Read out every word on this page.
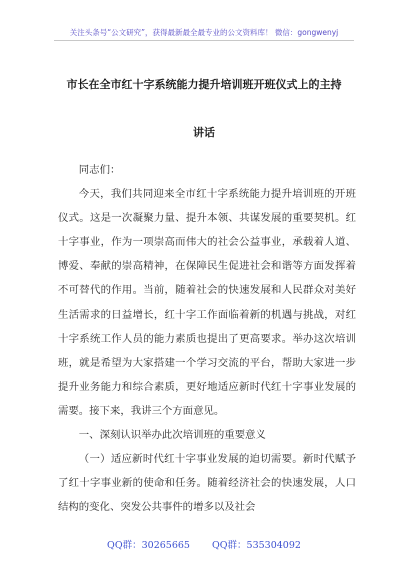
关注头条号“公文研究”，获得最新最全最专业的公文资料库！ 微信：gongwenyj
市长在全市红十字系统能力提升培训班开班仪式上的主持
讲话

同志们：

今天，我们共同迎来全市红十字系统能力提升培训班的开班仪式。这是一次凝聚力量、提升本领、共谋发展的重要契机。红十字事业，作为一项崇高而伟大的社会公益事业，承载着人道、博爱、奉献的崇高精神，在保障民生促进社会和谐等方面发挥着不可替代的作用。当前，随着社会的快速发展和人民群众对美好生活需求的日益增长，红十字工作面临着新的机遇与挑战，对红十字系统工作人员的能力素质也提出了更高要求。举办这次培训班，就是希望为大家搭建一个学习交流的平台，帮助大家进一步提升业务能力和综合素质，更好地适应新时代红十字事业发展的需要。接下来，我讲三个方面意见。

一、深刻认识举办此次培训班的重要意义

（一）适应新时代红十字事业发展的迫切需要。新时代赋予了红十字事业新的使命和任务。随着经济社会的快速发展，人口结构的变化、突发公共事件的增多以及社会

QQ群：30265665 QQ群：535304092
